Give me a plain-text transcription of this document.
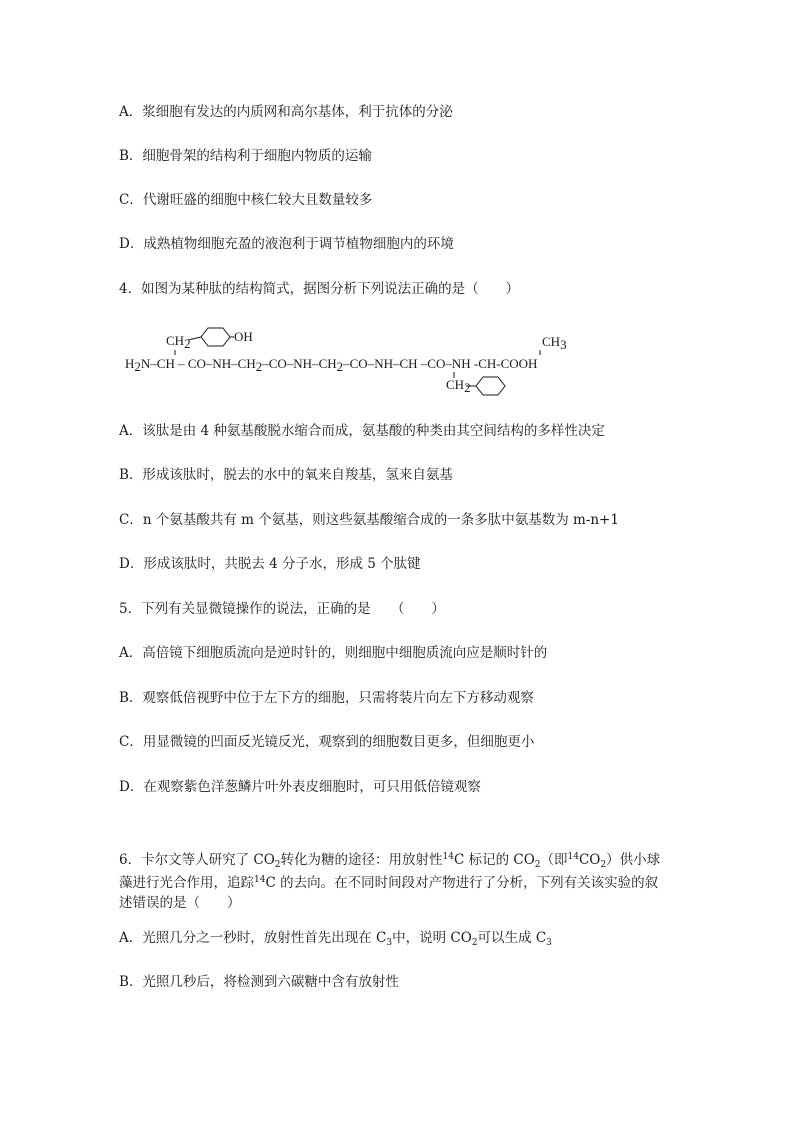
A．浆细胞有发达的内质网和高尔基体，利于抗体的分泌
B．细胞骨架的结构利于细胞内物质的运输
C．代谢旺盛的细胞中核仁较大且数量较多
D．成熟植物细胞充盈的液泡利于调节植物细胞内的环境
4．如图为某种肽的结构简式，据图分析下列说法正确的是（　　）
OH
CH2	CH3
H2N–CH – CO–NH–CH2–CO–NH–CH2–CO–NH–CH –CO–NH -CH-COOH
CH2
A．该肽是由 4 种氨基酸脱水缩合而成，氨基酸的种类由其空间结构的多样性决定
B．形成该肽时，脱去的水中的氧来自羧基，氢来自氨基
C．n 个氨基酸共有 m 个氨基，则这些氨基酸缩合成的一条多肽中氨基数为 m-n+1
D．形成该肽时，共脱去 4 分子水，形成 5 个肽键
5．下列有关显微镜操作的说法，正确的是　　（　　）
A．高倍镜下细胞质流向是逆时针的，则细胞中细胞质流向应是顺时针的
B．观察低倍视野中位于左下方的细胞，只需将装片向左下方移动观察
C．用显微镜的凹面反光镜反光，观察到的细胞数目更多，但细胞更小
D．在观察紫色洋葱鳞片叶外表皮细胞时，可只用低倍镜观察
6．卡尔文等人研究了 $CO_2$转化为糖的途径：用放射性$^{14}$C 标记的 $CO_2$（即$^{14}CO_2$）供小球
藻进行光合作用，追踪$^{14}$C 的去向。在不同时间段对产物进行了分析，下列有关该实验的叙
述错误的是（　　）
A．光照几分之一秒时，放射性首先出现在 $C_3$中，说明 $CO_2$可以生成 $C_3$
B．光照几秒后，将检测到六碳糖中含有放射性
